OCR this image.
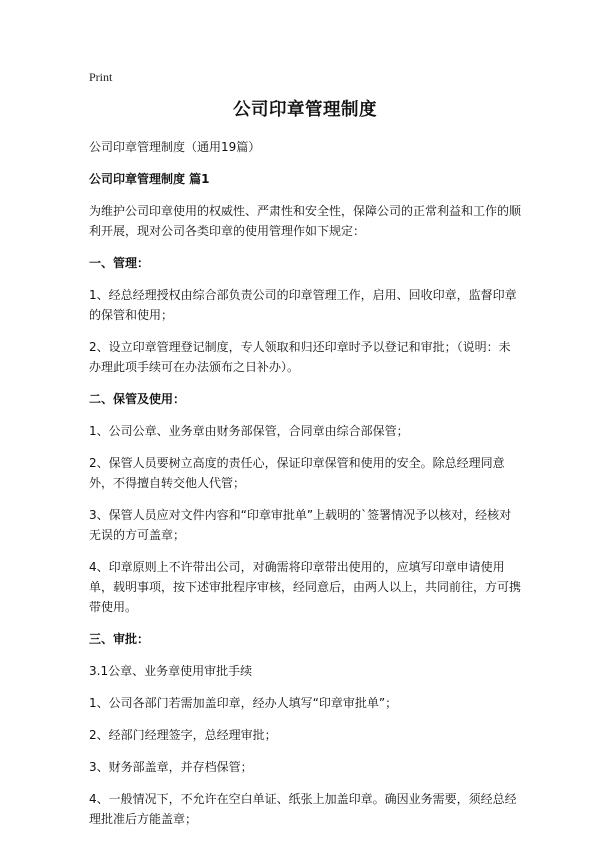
Print
公司印章管理制度

公司印章管理制度（通用19篇）

公司印章管理制度 篇1

为维护公司印章使用的权威性、严肃性和安全性，保障公司的正常利益和工作的顺利开展，现对公司各类印章的使用管理作如下规定：

一、管理：

1、经总经理授权由综合部负责公司的印章管理工作，启用、回收印章，监督印章的保管和使用；

2、设立印章管理登记制度，专人领取和归还印章时予以登记和审批；（说明：未办理此项手续可在办法颁布之日补办）。

二、保管及使用：

1、公司公章、业务章由财务部保管，合同章由综合部保管；

2、保管人员要树立高度的责任心，保证印章保管和使用的安全。除总经理同意外，不得擅自转交他人代管；

3、保管人员应对文件内容和“印章审批单”上载明的`签署情况予以核对，经核对无误的方可盖章；

4、印章原则上不许带出公司，对确需将印章带出使用的，应填写印章申请使用单，载明事项，按下述审批程序审核，经同意后，由两人以上，共同前往，方可携带使用。

三、审批：

3.1公章、业务章使用审批手续

1、公司各部门若需加盖印章，经办人填写“印章审批单”；

2、经部门经理签字，总经理审批；

3、财务部盖章，并存档保管；

4、一般情况下，不允许在空白单证、纸张上加盖印章。确因业务需要，须经总经理批准后方能盖章；
